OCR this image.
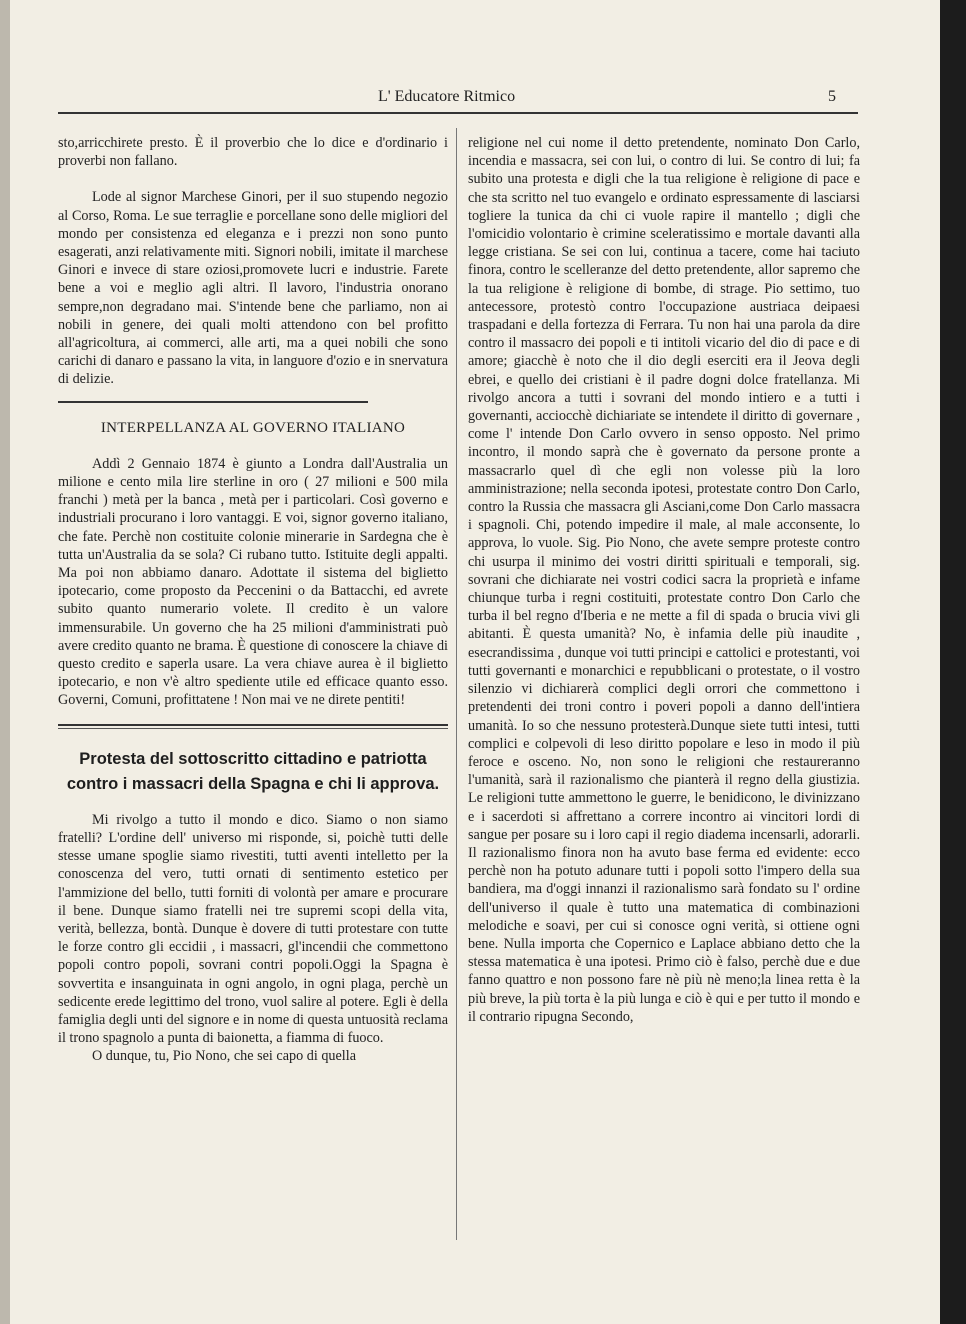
L' Educatore Ritmico	5

sto,arricchirete presto. È il proverbio che lo dice e d'ordinario i proverbi non fallano.

Lode al signor Marchese Ginori, per il suo stupendo negozio al Corso, Roma. Le sue terraglie e porcellane sono delle migliori del mondo per consistenza ed eleganza e i prezzi non sono punto esagerati, anzi relativamente miti. Signori nobili, imitate il marchese Ginori e invece di stare oziosi,promovete lucri e industrie. Farete bene a voi e meglio agli altri. Il lavoro, l'industria onorano sempre,non degradano mai. S'intende bene che parliamo, non ai nobili in genere, dei quali molti attendono con bel profitto all'agricoltura, ai commerci, alle arti, ma a quei nobili che sono carichi di danaro e passano la vita, in languore d'ozio e in snervatura di delizie.

INTERPELLANZA AL GOVERNO ITALIANO

Addì 2 Gennaio 1874 è giunto a Londra dall'Australia un milione e cento mila lire sterline in oro ( 27 milioni e 500 mila franchi ) metà per la banca , metà per i particolari. Così governo e industriali procurano i loro vantaggi. E voi, signor governo italiano, che fate. Perchè non costituite colonie minerarie in Sardegna che è tutta un'Australia da se sola? Ci rubano tutto. Istituite degli appalti. Ma poi non abbiamo danaro. Adottate il sistema del biglietto ipotecario, come proposto da Peccenini o da Battacchi, ed avrete subito quanto numerario volete. Il credito è un valore immensurabile. Un governo che ha 25 milioni d'amministrati può avere credito quanto ne brama. È questione di conoscere la chiave di questo credito e saperla usare. La vera chiave aurea è il biglietto ipotecario, e non v'è altro spediente utile ed efficace quanto esso. Governi, Comuni, profittatene ! Non mai ve ne direte pentiti!

Protesta del sottoscritto cittadino e patriotta contro i massacri della Spagna e chi li approva.

Mi rivolgo a tutto il mondo e dico. Siamo o non siamo fratelli? L'ordine dell' universo mi risponde, si, poichè tutti delle stesse umane spoglie siamo rivestiti, tutti aventi intelletto per la conoscenza del vero, tutti ornati di sentimento estetico per l'ammizione del bello, tutti forniti di volontà per amare e procurare il bene. Dunque siamo fratelli nei tre supremi scopi della vita, verità, bellezza, bontà. Dunque è dovere di tutti protestare con tutte le forze contro gli eccidii , i massacri, gl'incendii che commettono popoli contro popoli, sovrani contri popoli.Oggi la Spagna è sovvertita e insanguinata in ogni angolo, in ogni plaga, perchè un sedicente erede legittimo del trono, vuol salire al potere. Egli è della famiglia degli unti del signore e in nome di questa untuosità reclama il trono spagnolo a punta di baionetta, a fiamma di fuoco.

O dunque, tu, Pio Nono, che sei capo di quella

religione nel cui nome il detto pretendente, nominato Don Carlo, incendia e massacra, sei con lui, o contro di lui. Se contro di lui; fa subito una protesta e digli che la tua religione è religione di pace e che sta scritto nel tuo evangelo e ordinato espressamente di lasciarsi togliere la tunica da chi ci vuole rapire il mantello ; digli che l'omicidio volontario è crimine sceleratissimo e mortale davanti alla legge cristiana. Se sei con lui, continua a tacere, come hai taciuto finora, contro le scelleranze del detto pretendente, allor sapremo che la tua religione è religione di bombe, di strage. Pio settimo, tuo antecessore, protestò contro l'occupazione austriaca deipaesi traspadani e della fortezza di Ferrara. Tu non hai una parola da dire contro il massacro dei popoli e ti intitoli vicario del dio di pace e di amore; giacchè è noto che il dio degli eserciti era il Jeova degli ebrei, e quello dei cristiani è il padre dogni dolce fratellanza. Mi rivolgo ancora a tutti i sovrani del mondo intiero e a tutti i governanti, acciocchè dichiariate se intendete il diritto di governare , come l' intende Don Carlo ovvero in senso opposto. Nel primo incontro, il mondo saprà che è governato da persone pronte a massacrarlo quel dì che egli non volesse più la loro amministrazione; nella seconda ipotesi, protestate contro Don Carlo, contro la Russia che massacra gli Asciani,come Don Carlo massacra i spagnoli. Chi, potendo impedire il male, al male acconsente, lo approva, lo vuole. Sig. Pio Nono, che avete sempre proteste contro chi usurpa il minimo dei vostri diritti spirituali e temporali, sig. sovrani che dichiarate nei vostri codici sacra la proprietà e infame chiunque turba i regni costituiti, protestate contro Don Carlo che turba il bel regno d'Iberia e ne mette a fil di spada o brucia vivi gli abitanti. È questa umanità? No, è infamia delle più inaudite , esecrandissima , dunque voi tutti principi e cattolici e protestanti, voi tutti governanti e monarchici e repubblicani o protestate, o il vostro silenzio vi dichiarerà complici degli orrori che commettono i pretendenti dei troni contro i poveri popoli a danno dell'intiera umanità. Io so che nessuno protesterà.Dunque siete tutti intesi, tutti complici e colpevoli di leso diritto popolare e leso in modo il più feroce e osceno. No, non sono le religioni che restaureranno l'umanità, sarà il razionalismo che pianterà il regno della giustizia. Le religioni tutte ammettono le guerre, le benidicono, le divinizzano e i sacerdoti si affrettano a correre incontro ai vincitori lordi di sangue per posare su i loro capi il regio diadema incensarli, adorarli. Il razionalismo finora non ha avuto base ferma ed evidente: ecco perchè non ha potuto adunare tutti i popoli sotto l'impero della sua bandiera, ma d'oggi innanzi il razionalismo sarà fondato su l' ordine dell'universo il quale è tutto una matematica di combinazioni melodiche e soavi, per cui si conosce ogni verità, si ottiene ogni bene. Nulla importa che Copernico e Laplace abbiano detto che la stessa matematica è una ipotesi. Primo ciò è falso, perchè due e due fanno quattro e non possono fare nè più nè meno;la linea retta è la più breve, la più torta è la più lunga e ciò è qui e per tutto il mondo e il contrario ripugna Secondo,
